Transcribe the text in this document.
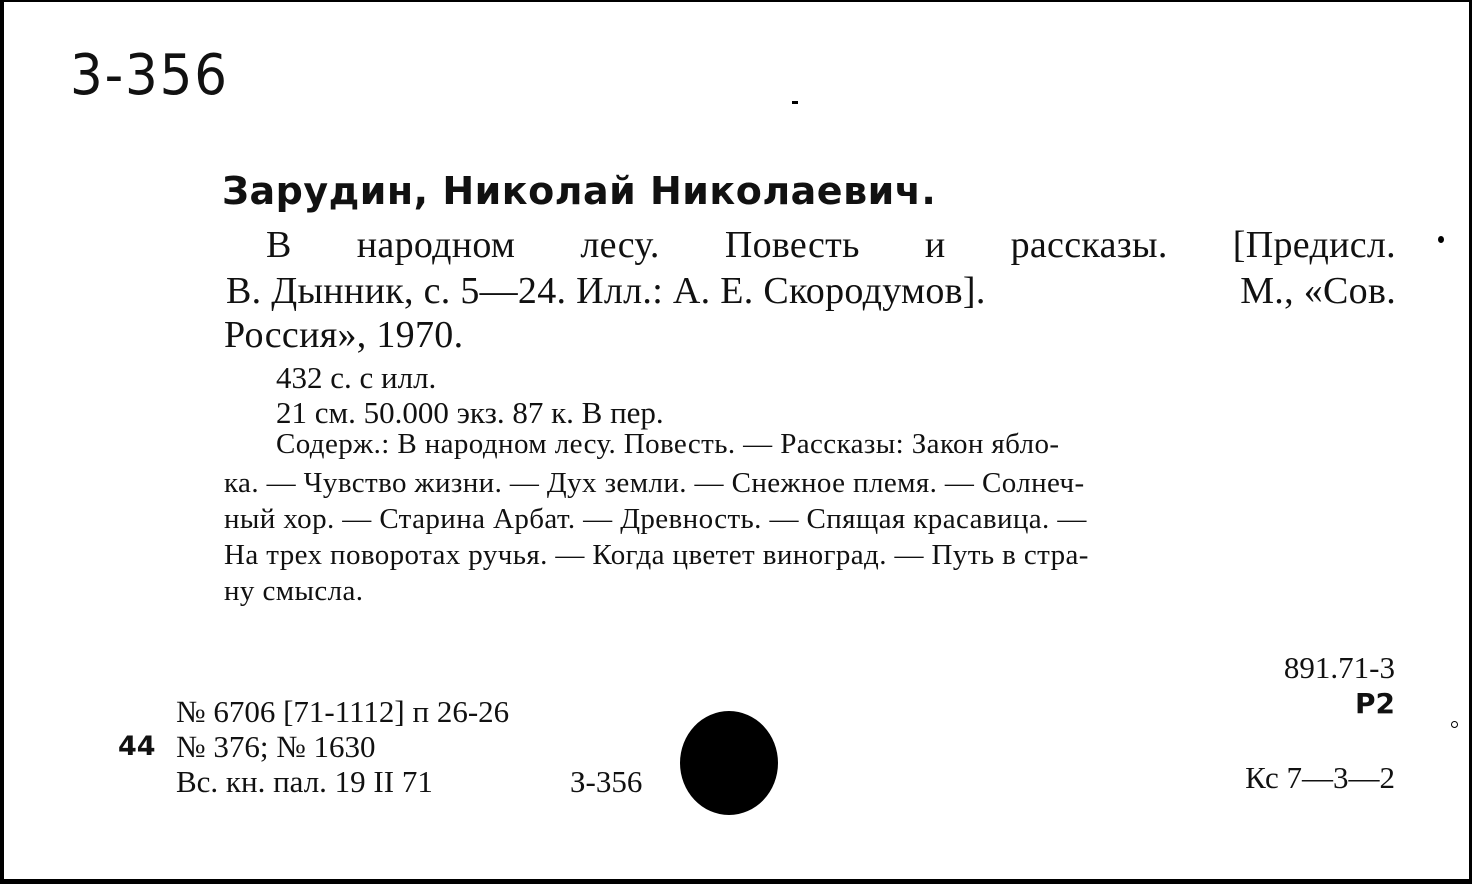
3-356
Зарудин, Николай Николаевич.
В народном лесу. Повесть и рассказы. [Предисл.
В. Дынник, с. 5—24. Илл.: А. Е. Скородумов].	М., «Сов.
Россия», 1970.
432 с. с илл.
21 см. 50.000 экз. 87 к. В пер.
Содерж.: В народном лесу. Повесть. — Рассказы: Закон ябло-
ка. — Чувство жизни. — Дух земли. — Снежное племя. — Солнеч-
ный хор. — Старина Арбат. — Древность. — Спящая красавица. —
На трех поворотах ручья. — Когда цветет виноград. — Путь в стра-
ну смысла.
891.71-3
Р2
№ 6706 [71-1112] п 26-26
44 № 376; № 1630
Вс. кн. пал. 19 II 71	З-356	Кс 7—3—2
